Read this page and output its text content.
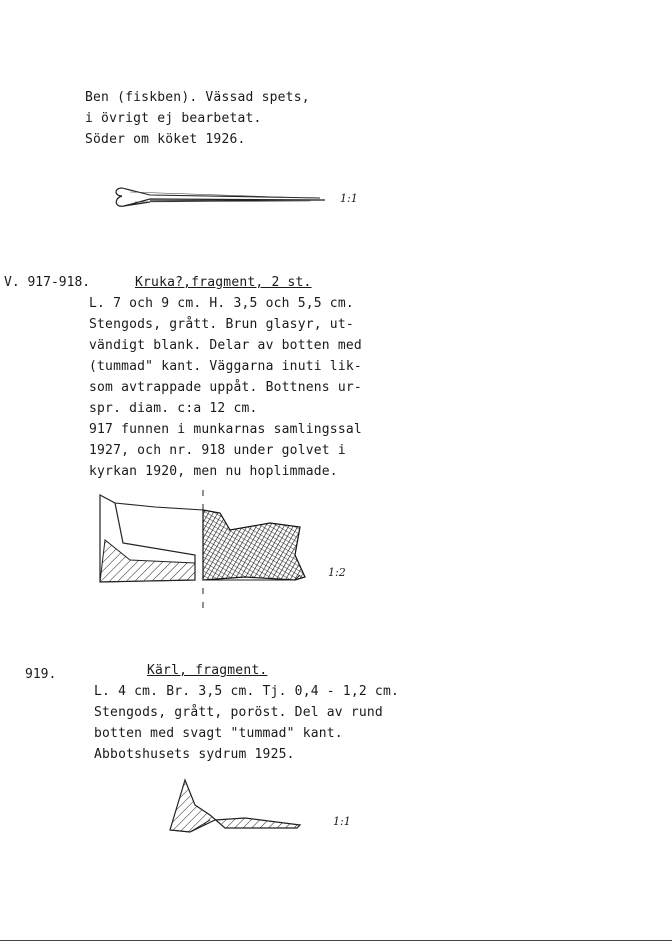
Ben (fiskben). Vässad spets,
i övrigt ej bearbetat.
Söder om köket 1926.
1:1
V. 917-918.	Kruka?,fragment, 2 st.
L. 7 och 9 cm. H. 3,5 och 5,5 cm.
Stengods, grått. Brun glasyr, ut-
vändigt blank. Delar av botten med
(tummad" kant. Väggarna inuti lik-
som avtrappade uppåt. Bottnens ur-
spr. diam. c:a 12 cm.
917 funnen i munkarnas samlingssal
1927, och nr. 918 under golvet i
kyrkan 1920, men nu hoplimmade.
1:2
919.	Kärl, fragment.
L. 4 cm. Br. 3,5 cm. Tj. 0,4 - 1,2 cm.
Stengods, grått, poröst. Del av rund
botten med svagt "tummad" kant.
Abbotshusets sydrum 1925.
1:1
